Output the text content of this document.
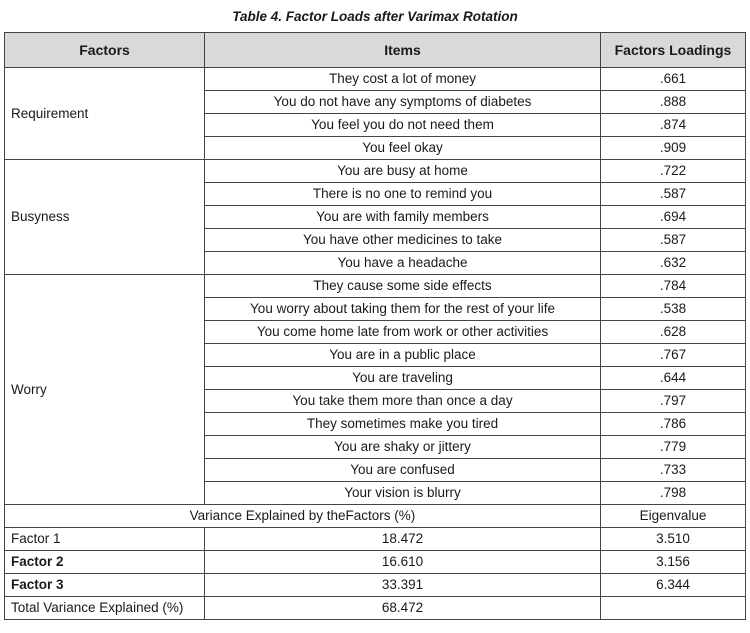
Table 4. Factor Loads after Varimax Rotation
Factors	Items	Factors Loadings
Requirement	They cost a lot of money	.661
	You do not have any symptoms of diabetes	.888
	You feel you do not need them	.874
	You feel okay	.909
Busyness	You are busy at home	.722
	There is no one to remind you	.587
	You are with family members	.694
	You have other medicines to take	.587
	You have a headache	.632
Worry	They cause some side effects	.784
	You worry about taking them for the rest of your life	.538
	You come home late from work or other activities	.628
	You are in a public place	.767
	You are traveling	.644
	You take them more than once a day	.797
	They sometimes make you tired	.786
	You are shaky or jittery	.779
	You are confused	.733
	Your vision is blurry	.798
Variance Explained by theFactors (%)		Eigenvalue
Factor 1	18.472	3.510
Factor 2	16.610	3.156
Factor 3	33.391	6.344
Total Variance Explained (%)	68.472	
